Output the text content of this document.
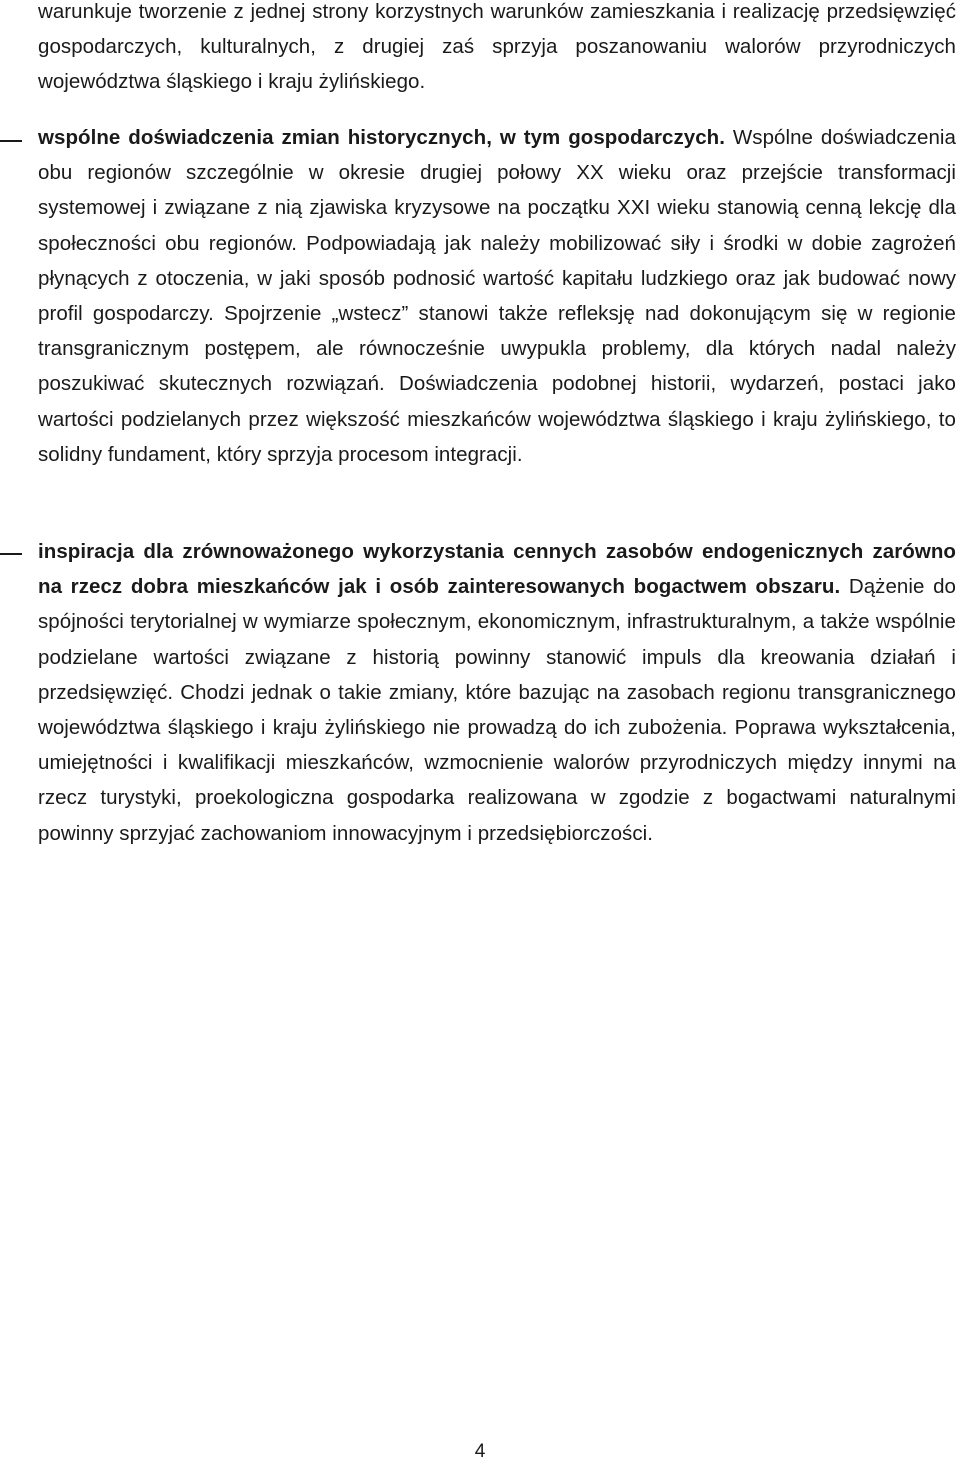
warunkuje tworzenie z jednej strony korzystnych warunków zamieszkania i realizację przedsięwzięć gospodarczych, kulturalnych, z drugiej zaś sprzyja poszanowaniu walorów przyrodniczych województwa śląskiego i kraju żylińskiego.

wspólne doświadczenia zmian historycznych, w tym gospodarczych. Wspólne doświadczenia obu regionów szczególnie w okresie drugiej połowy XX wieku oraz przejście transformacji systemowej i związane z nią zjawiska kryzysowe na początku XXI wieku stanowią cenną lekcję dla społeczności obu regionów. Podpowiadają jak należy mobilizować siły i środki w dobie zagrożeń płynących z otoczenia, w jaki sposób podnosić wartość kapitału ludzkiego oraz jak budować nowy profil gospodarczy. Spojrzenie „wstecz” stanowi także refleksję nad dokonującym się w regionie transgranicznym postępem, ale równocześnie uwypukla problemy, dla których nadal należy poszukiwać skutecznych rozwiązań. Doświadczenia podobnej historii, wydarzeń, postaci jako wartości podzielanych przez większość mieszkańców województwa śląskiego i kraju żylińskiego, to solidny fundament, który sprzyja procesom integracji.

inspiracja dla zrównoważonego wykorzystania cennych zasobów endogenicznych zarówno na rzecz dobra mieszkańców jak i osób zainteresowanych bogactwem obszaru. Dążenie do spójności terytorialnej w wymiarze społecznym, ekonomicznym, infrastrukturalnym, a także wspólnie podzielane wartości związane z historią powinny stanowić impuls dla kreowania działań i przedsięwzięć. Chodzi jednak o takie zmiany, które bazując na zasobach regionu transgranicznego województwa śląskiego i kraju żylińskiego nie prowadzą do ich zubożenia. Poprawa wykształcenia, umiejętności i kwalifikacji mieszkańców, wzmocnienie walorów przyrodniczych między innymi na rzecz turystyki, proekologiczna gospodarka realizowana w zgodzie z bogactwami naturalnymi powinny sprzyjać zachowaniom innowacyjnym i przedsiębiorczości.

4
